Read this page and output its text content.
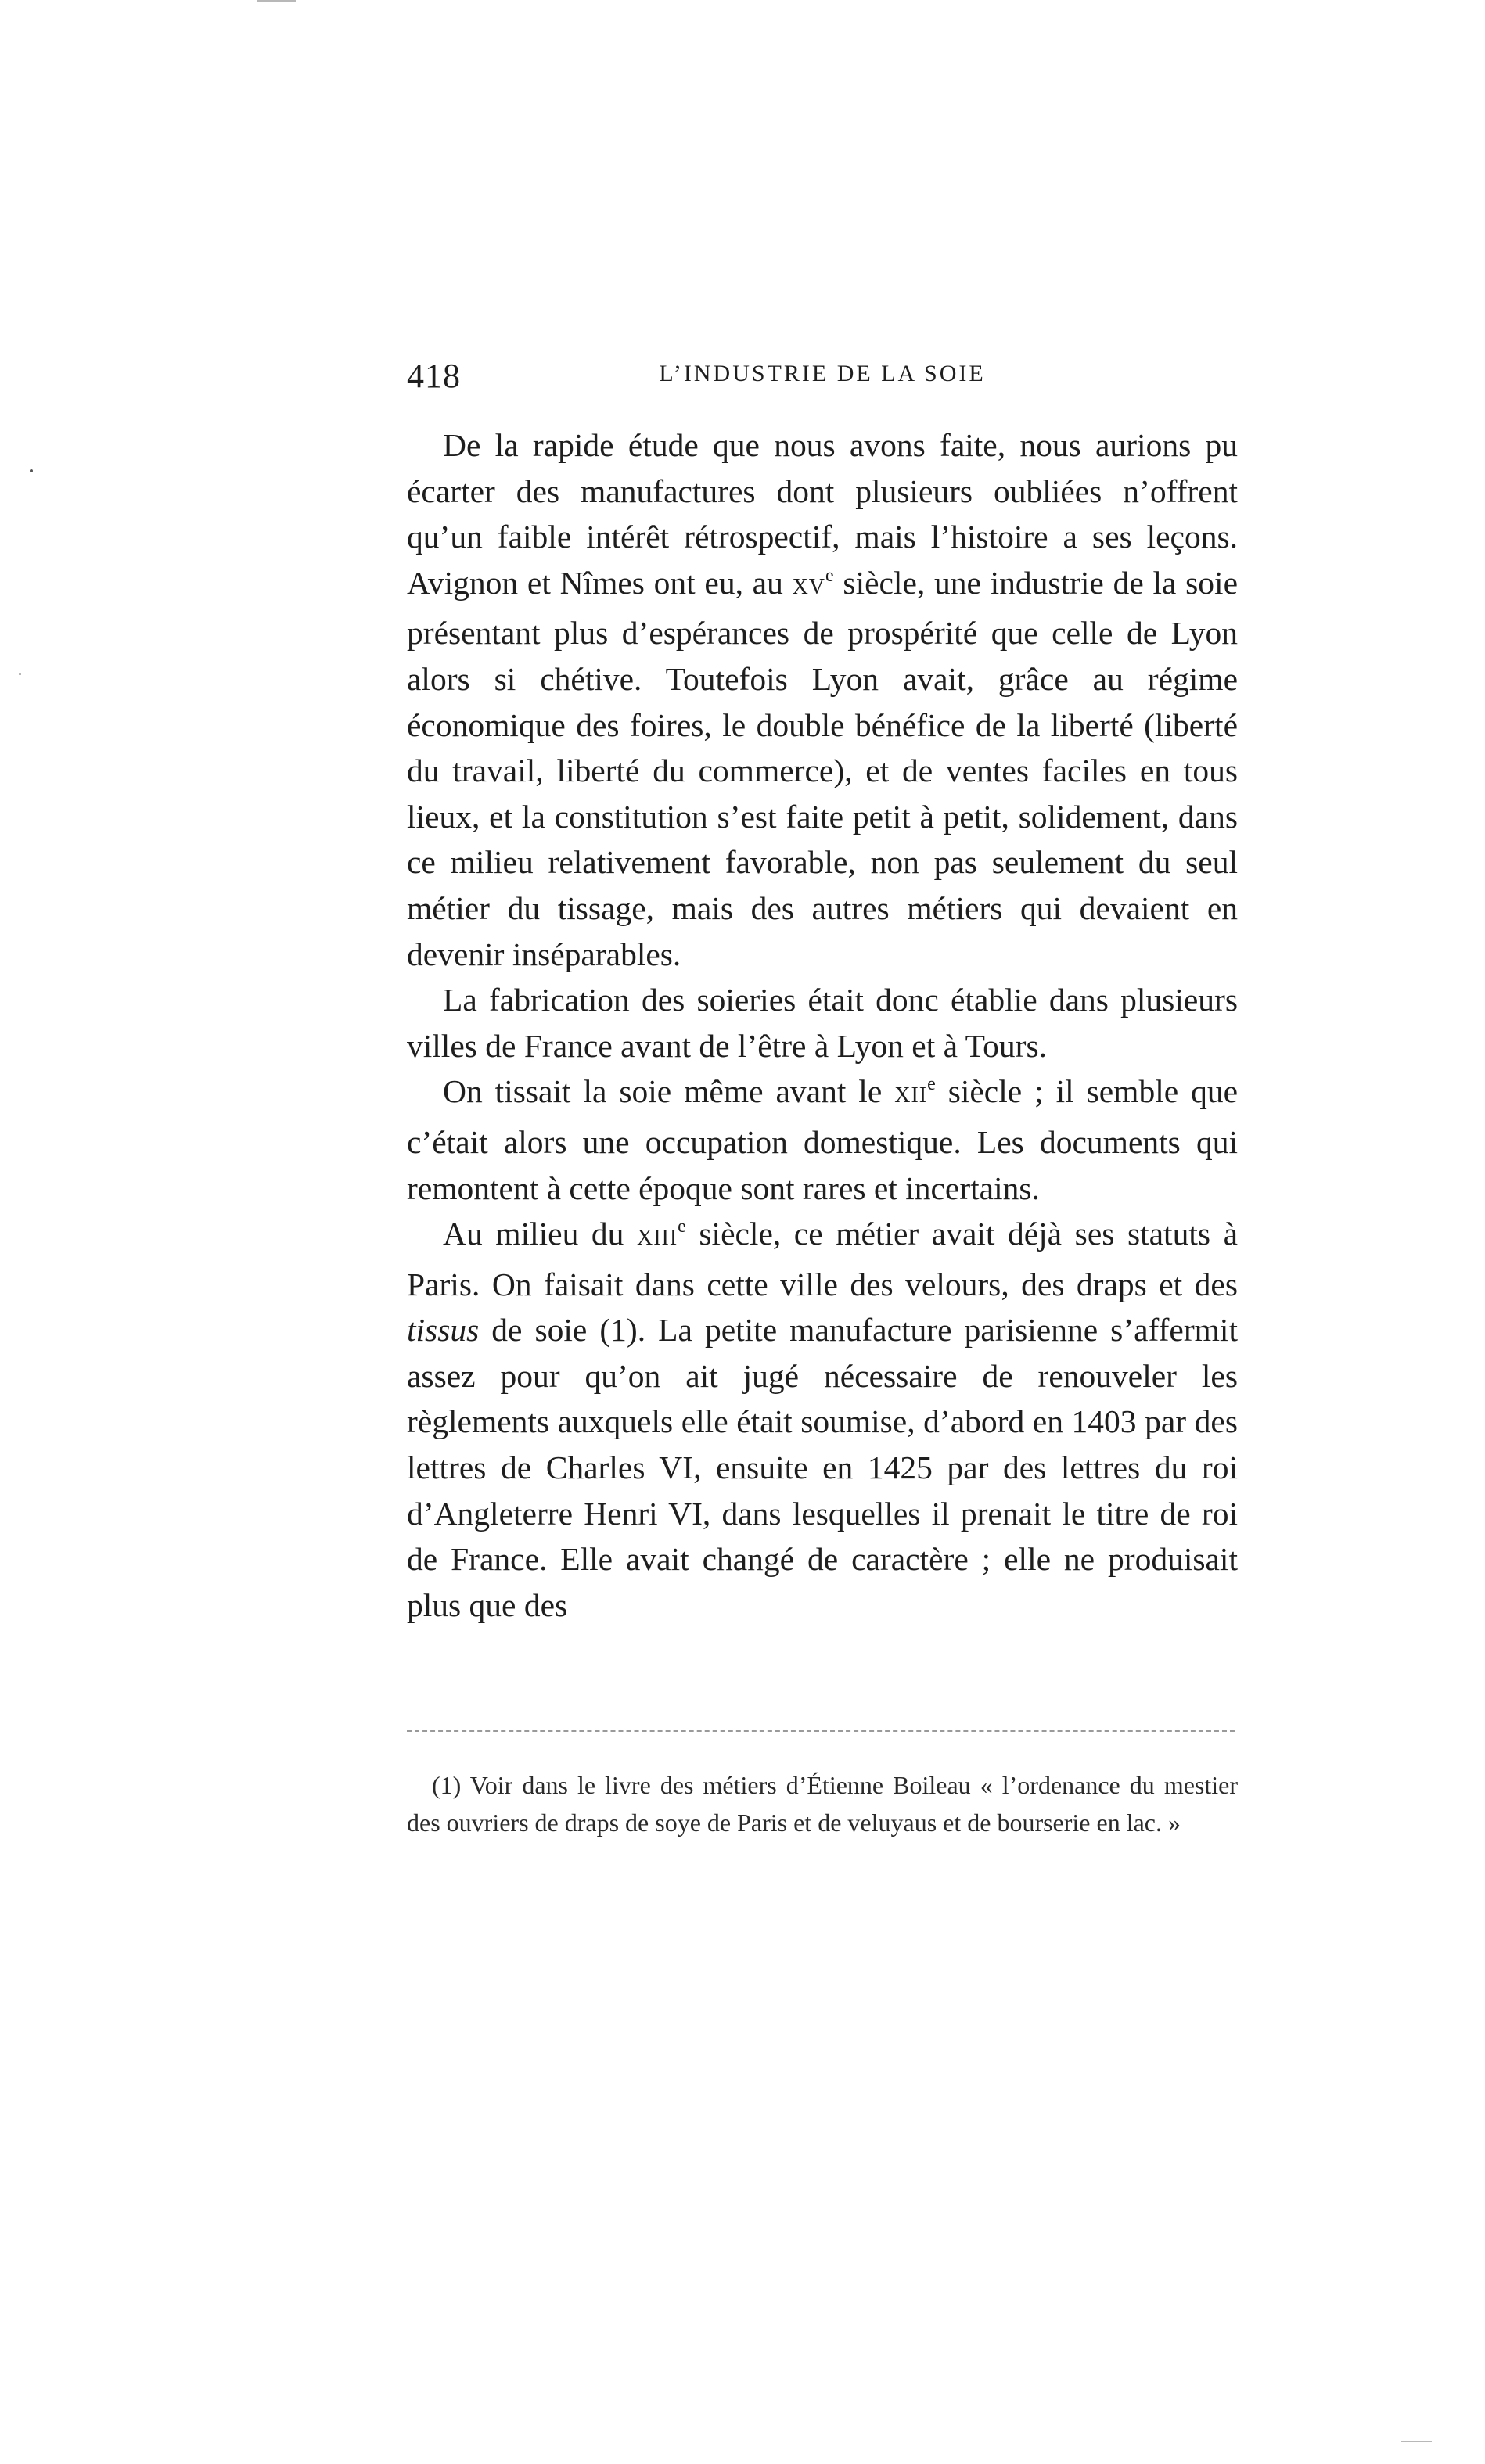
418	L’INDUSTRIE DE LA SOIE

De la rapide étude que nous avons faite, nous aurions pu écarter des manufactures dont plusieurs oubliées n’offrent qu’un faible intérêt rétrospectif, mais l’histoire a ses leçons. Avignon et Nîmes ont eu, au XVe siècle, une industrie de la soie présentant plus d’espérances de prospérité que celle de Lyon alors si chétive. Toutefois Lyon avait, grâce au régime économique des foires, le double bénéfice de la liberté (liberté du travail, liberté du commerce), et de ventes faciles en tous lieux, et la constitution s’est faite petit à petit, solidement, dans ce milieu relativement favorable, non pas seulement du seul métier du tissage, mais des autres métiers qui devaient en devenir inséparables.

La fabrication des soieries était donc établie dans plusieurs villes de France avant de l’être à Lyon et à Tours.

On tissait la soie même avant le XIIe siècle ; il semble que c’était alors une occupation domestique. Les documents qui remontent à cette époque sont rares et incertains.

Au milieu du XIIIe siècle, ce métier avait déjà ses statuts à Paris. On faisait dans cette ville des velours, des draps et des tissus de soie (1). La petite manufacture parisienne s’affermit assez pour qu’on ait jugé nécessaire de renouveler les règlements auxquels elle était soumise, d’abord en 1403 par des lettres de Charles VI, ensuite en 1425 par des lettres du roi d’Angleterre Henri VI, dans lesquelles il prenait le titre de roi de France. Elle avait changé de caractère ; elle ne produisait plus que des

(1) Voir dans le livre des métiers d’Étienne Boileau « l’ordenance du mestier des ouvriers de draps de soye de Paris et de veluyaus et de bourserie en lac. »
